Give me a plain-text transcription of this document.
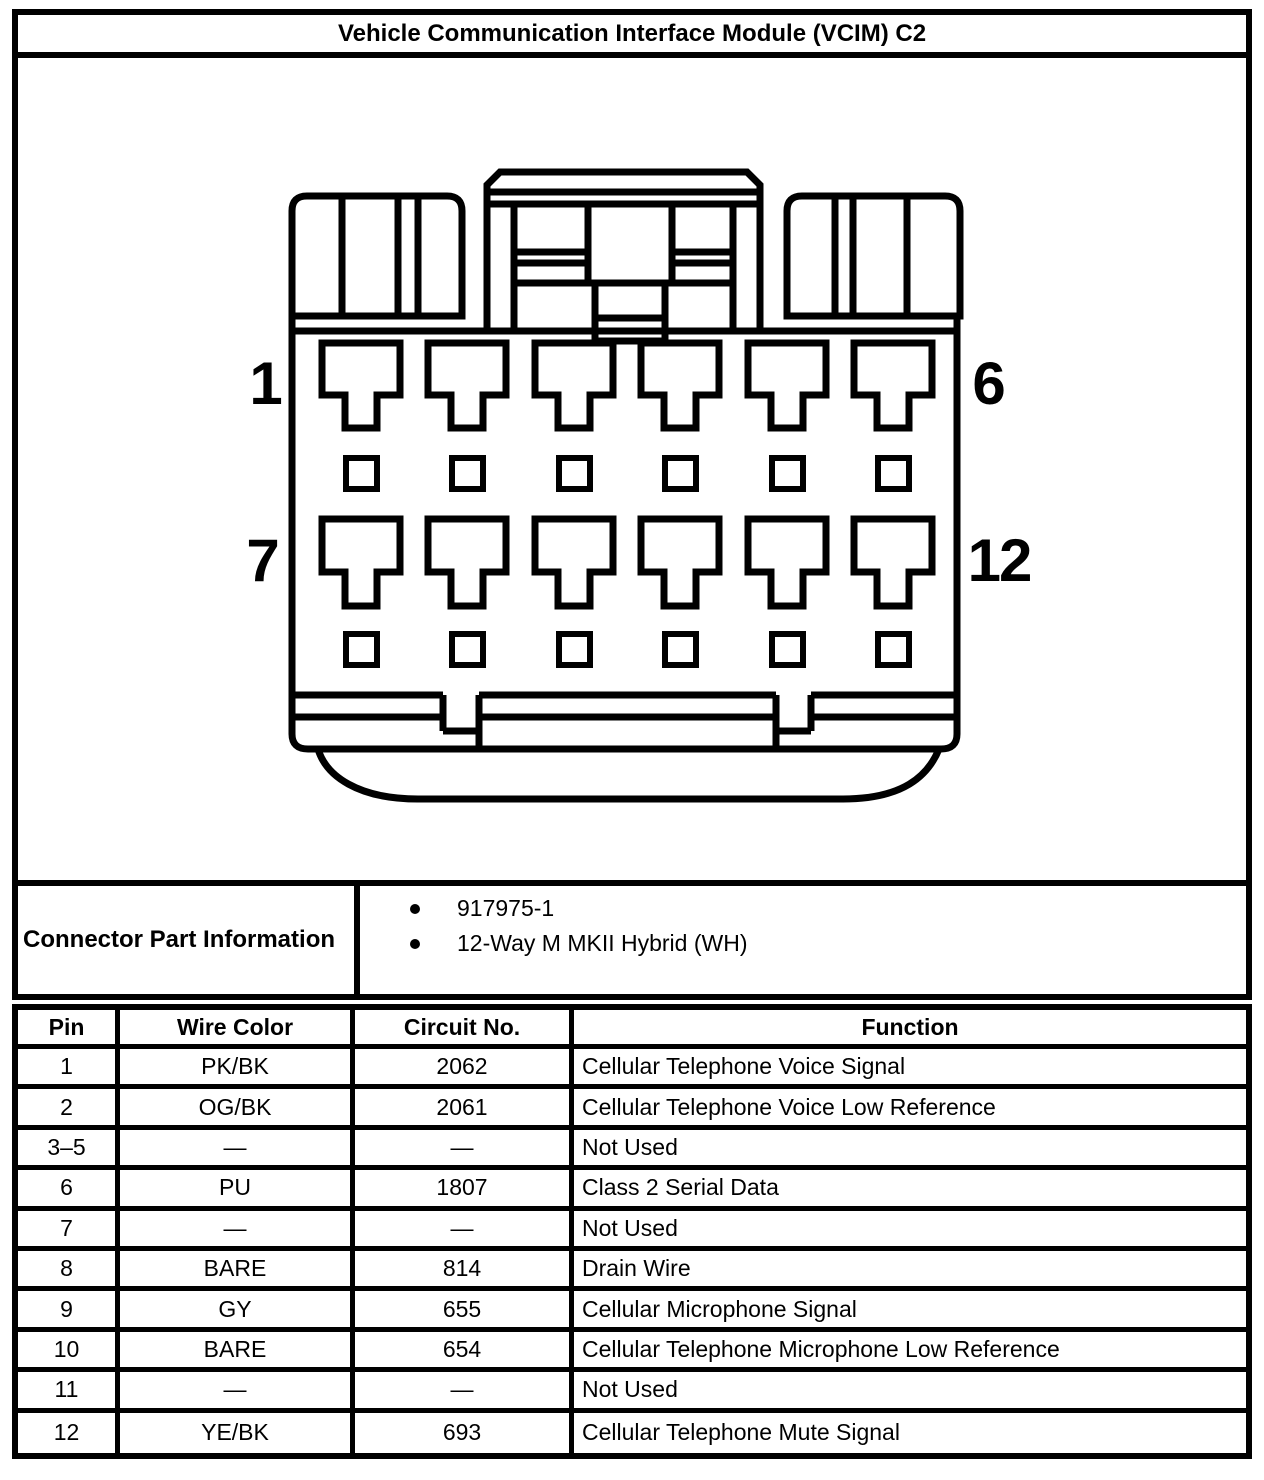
1	6
7	12
Vehicle Communication Interface Module (VCIM) C2
Connector Part Information
917975-1
12-Way M MKII Hybrid (WH)
Pin	Wire Color	Circuit No.	Function
1	PK/BK	2062	Cellular Telephone Voice Signal
2	OG/BK	2061	Cellular Telephone Voice Low Reference
3–5	—	—	Not Used
6	PU	1807	Class 2 Serial Data
7	—	—	Not Used
8	BARE	814	Drain Wire
9	GY	655	Cellular Microphone Signal
10	BARE	654	Cellular Telephone Microphone Low Reference
11	—	—	Not Used
12	YE/BK	693	Cellular Telephone Mute Signal
